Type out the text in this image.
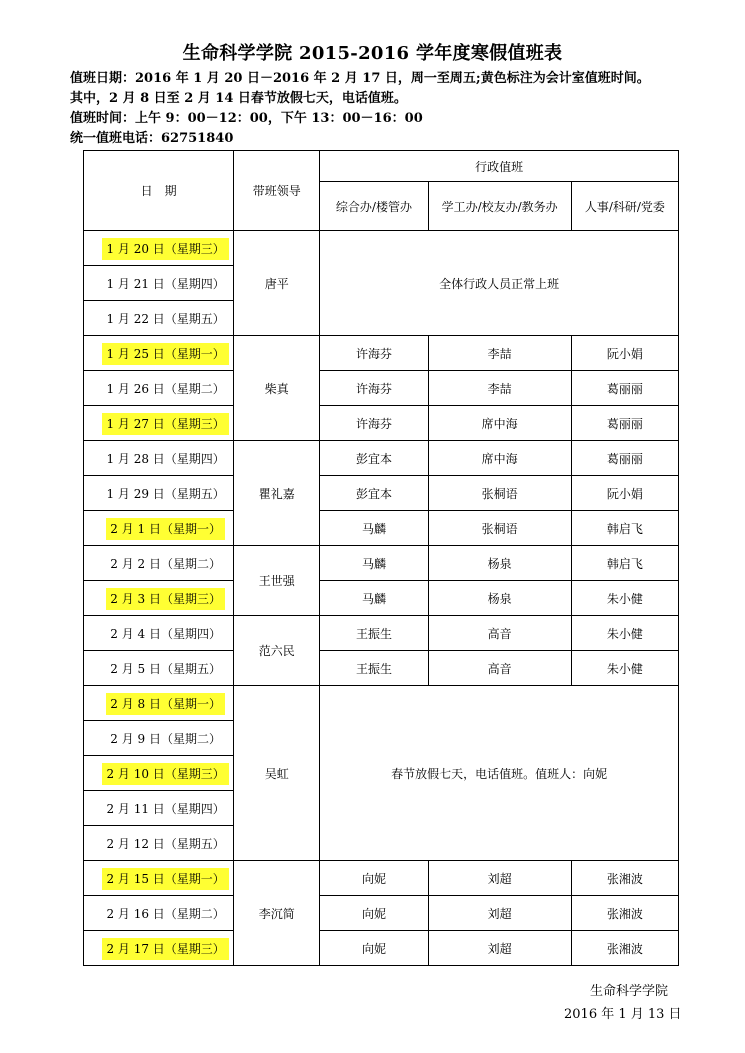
生命科学学院 2015-2016 学年度寒假值班表
值班日期：2016 年 1 月 20 日－2016 年 2 月 17 日，周一至周五;黄色标注为会计室值班时间。
其中，2 月 8 日至 2 月 14 日春节放假七天，电话值班。
值班时间：上午 9：00－12：00，下午 13：00－16：00
统一值班电话：62751840
日　期	带班领导	行政值班		
		综合办/楼管办	学工办/校友办/教务办	人事/科研/党委
1 月 20 日（星期三）	唐平	全体行政人员正常上班		
1 月 21 日（星期四）				
1 月 22 日（星期五）				
1 月 25 日（星期一）	柴真	许海芬	李喆	阮小娟
1 月 26 日（星期二）		许海芬	李喆	葛丽丽
1 月 27 日（星期三）		许海芬	席中海	葛丽丽
1 月 28 日（星期四）	瞿礼嘉	彭宜本	席中海	葛丽丽
1 月 29 日（星期五）		彭宜本	张桐语	阮小娟
2 月 1 日（星期一）		马麟	张桐语	韩启飞
2 月 2 日（星期二）	王世强	马麟	杨泉	韩启飞
2 月 3 日（星期三）		马麟	杨泉	朱小健
2 月 4 日（星期四）	范六民	王振生	高音	朱小健
2 月 5 日（星期五）		王振生	高音	朱小健
2 月 8 日（星期一）	吴虹	春节放假七天，电话值班。值班人：向妮		
2 月 9 日（星期二）				
2 月 10 日（星期三）				
2 月 11 日（星期四）				
2 月 12 日（星期五）				
2 月 15 日（星期一）	李沉简	向妮	刘超	张湘波
2 月 16 日（星期二）		向妮	刘超	张湘波
2 月 17 日（星期三）		向妮	刘超	张湘波
生命科学学院
2016 年 1 月 13 日
